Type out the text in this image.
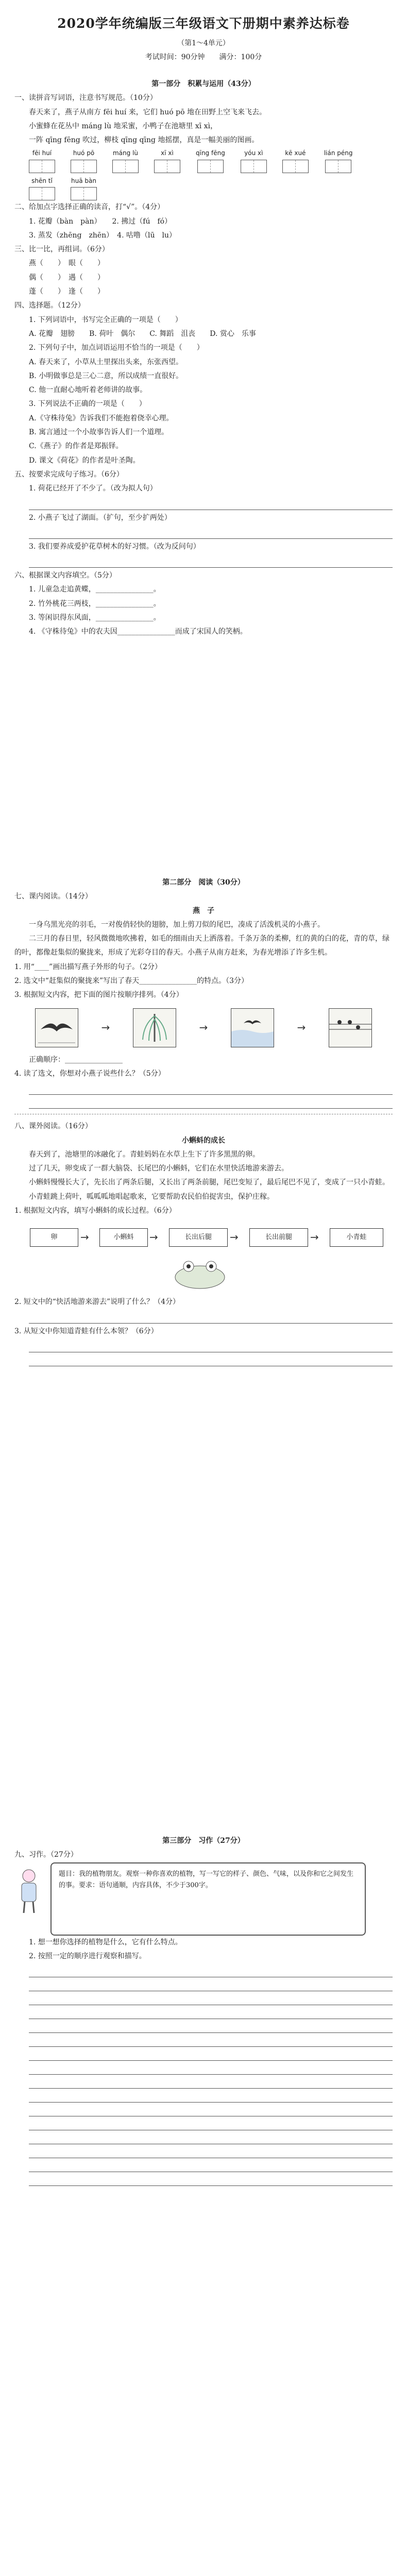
2020学年统编版三年级语文下册期中素养达标卷

（第1～4单元）

考试时间：90分钟　　满分：100分

第一部分　积累与运用（43分）

一、读拼音写词语，注意书写规范。（10分）

春天来了，燕子从南方 fēi huí 来，它们 huó pō 地在田野上空飞来飞去。

小蜜蜂在花丛中 máng lù 地采蜜，小鸭子在池塘里 xī xì，

一阵 qīng fēng 吹过，柳枝 qīng qīng 地摇摆，真是一幅美丽的图画。

fēi huí	huó pō	máng lù	xī xì	qīng fēng	yóu xì	kē xué	lián péng
shēn tǐ	huā bàn

二、给加点字选择正确的读音，打“√”。（4分）

1. 花瓣（bàn　pàn）　　2. 拂过（fú　fó）

3. 蒸发（zhēng　zhēn）　4. 咕噜（lū　lu）

三、比一比，再组词。（6分）

燕（　　）　眼（　　）

偶（　　）　遇（　　）

蓬（　　）　逢（　　）

四、选择题。（12分）

1. 下列词语中，书写完全正确的一项是（　　）

A. 花瓣　翅膀　　B. 荷叶　偶尔　　C. 舞蹈　沮丧　　D. 赏心　乐事

2. 下列句子中，加点词语运用不恰当的一项是（　　）

A. 春天来了，小草从土里探出头来，东张西望。

B. 小明做事总是三心二意，所以成绩一直很好。

C. 他一直耐心地听着老师讲的故事。

3. 下列说法不正确的一项是（　　）

A.《守株待兔》告诉我们不能抱着侥幸心理。

B. 寓言通过一个小故事告诉人们一个道理。

C.《燕子》的作者是郑振铎。

D. 课文《荷花》的作者是叶圣陶。

五、按要求完成句子练习。（6分）

1. 荷花已经开了不少了。（改为拟人句）

2. 小燕子飞过了湖面。（扩句，至少扩两处）

3. 我们要养成爱护花草树木的好习惯。（改为反问句）

六、根据课文内容填空。（5分）

1. 儿童急走追黄蝶，________________。

2. 竹外桃花三两枝，________________。

3. 等闲识得东风面，________________。

4. 《守株待兔》中的农夫因________________而成了宋国人的笑柄。

第二部分　阅读（30分）

七、课内阅读。（14分）

燕　子

一身乌黑光亮的羽毛，一对俊俏轻快的翅膀，加上剪刀似的尾巴，凑成了活泼机灵的小燕子。

二三月的春日里，轻风微微地吹拂着，如毛的细雨由天上洒落着。千条万条的柔柳，红的黄的白的花，青的草，绿的叶，都像赶集似的聚拢来，形成了光彩夺目的春天。小燕子从南方赶来，为春光增添了许多生机。

1. 用“____”画出描写燕子外形的句子。（2分）

2. 选文中“赶集似的聚拢来”写出了春天________________的特点。（3分）

3. 根据短文内容，把下面的图片按顺序排列。（4分）

→	→	→

正确顺序：________________

4. 读了选文，你想对小燕子说些什么？（5分）

八、课外阅读。（16分）

小蝌蚪的成长

春天到了，池塘里的冰融化了。青蛙妈妈在水草上生下了许多黑黑的卵。

过了几天，卵变成了一群大脑袋、长尾巴的小蝌蚪，它们在水里快活地游来游去。

小蝌蚪慢慢长大了，先长出了两条后腿，又长出了两条前腿，尾巴变短了，最后尾巴不见了，变成了一只小青蛙。

小青蛙跳上荷叶，呱呱呱地唱起歌来，它要帮助农民伯伯捉害虫，保护庄稼。

1. 根据短文内容，填写小蝌蚪的成长过程。（6分）

卵	→	小蝌蚪	→	长出后腿	→	长出前腿	→	小青蛙

2. 短文中的“快活地游来游去”说明了什么？（4分）

3. 从短文中你知道青蛙有什么本领？（6分）

第三部分　习作（27分）

九、习作。（27分）

题目：我的植物朋友。观察一种你喜欢的植物，写一写它的样子、颜色、气味，以及你和它之间发生的事。要求：语句通顺，内容具体，不少于300字。

1. 想一想你选择的植物是什么，它有什么特点。

2. 按照一定的顺序进行观察和描写。
